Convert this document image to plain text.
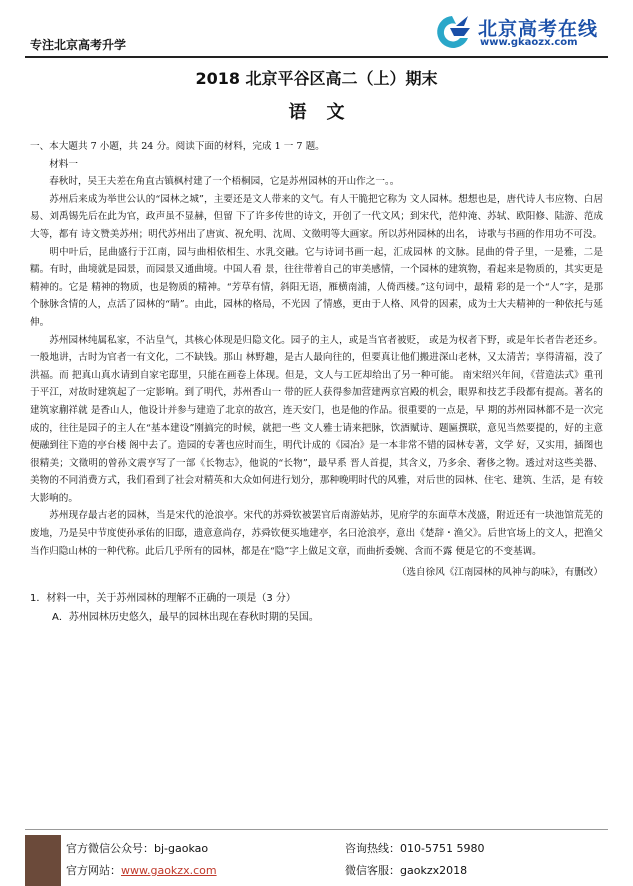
专注北京高考升学
北京高考在线
www.gkaozx.com
2018 北京平谷区高二（上）期末
语文

一、本大题共 7 小题，共 24 分。阅读下面的材料，完成 1 一 7 题。

材料一

春秋时，吴王夫差在角直古镇枫村建了一个梧桐园，它是苏州园林的开山作之一。。

苏州后来成为举世公认的“园林之城”，主要还是文人带来的文气。有人干脆把它称为 文人园林。想想也是，唐代诗人韦应物、白居易、刘禹锡先后在此为官，政声虽不显赫，但留 下了许多传世的诗文，开创了一代文风；到宋代，范仲淹、苏轼、欧阳修、陆游、范成大等，都有 诗文赞美苏州；明代苏州出了唐寅、祝允明、沈周、文徵明等大画家。所以苏州园林的出名， 诗歌与书画的作用功不可没。

明中叶后，昆曲盛行于江南，园与曲相依相生、水乳交融。它与诗词书画一起，汇成园林 的文脉。昆曲的骨子里，一是雅，二是糯。有时，曲境就是园景，而园景又通曲境。中国人看 景，往往带着自己的审美感情，一个园林的建筑物，看起来是物质的，其实更是精神的。它是 精神的物质，也是物质的精神。“芳草有情，斜阳无语，雁横南浦，人倚西楼。”这句词中，最精 彩的是一个“人”字，是那个脉脉含情的人，点活了园林的“睛”。由此，园林的格局，不光因 了情感，更由于人格、风骨的因素，成为士大夫精神的一种依托与延伸。

苏州园林纯属私家，不沾皇气，其核心体现是归隐文化。园子的主人，或是当官者被贬， 或是为权者下野，或是年长者告老还乡。一般地讲，古时为官者一有文化，二不缺钱。那山 林野趣，是古人最向往的，但要真让他们搬进深山老林，又太清苦；享得清福，没了洪福。而 把真山真水请到自家宅邸里，只能在画卷上体现。但是，文人与工匠却给出了另一种可能。 南宋绍兴年间，《营造法式》重刊于平江，对故时建筑起了一定影响。到了明代，苏州香山一 带的匠人获得参加营建两京宫殿的机会，眼界和技艺手段都有提高。著名的建筑家蒯祥就 是香山人，他设计并参与建造了北京的故宫，连天安门，也是他的作品。很重要的一点是，早 期的苏州园林都不是一次完成的，往往是园子的主人在“基本建设”刚搞完的时候，就把一些 文人雅士请来把脉，饮酒赋诗、题匾撰联，意见当然要提的，好的主意便融到往下造的亭台楼 阁中去了。造园的专著也应时而生，明代计成的《园冶》是一本非常不错的园林专著，文学 好，又实用，插图也很精美；文徵明的曾孙文震亨写了一部《长物志》，他说的“长物”，最早系 晋人首提，其含义，乃多余、奢侈之物。透过对这些美器、美物的不同消费方式，我们看到了社会对精英和大众如何进行划分，那种晚明时代的风雅，对后世的园林、住宅、建筑、生活，是 有较大影响的。

苏州现存最古老的园林，当是宋代的沧浪亭。宋代的苏舜钦被罢官后南游姑苏，见府学的东面草木茂盛，附近还有一块池馆荒芜的废地，乃是吴中节度使孙承佑的旧邸，遗意意尚存，苏舜钦便买地建亭，名曰沧浪亭，意出《楚辞・渔父》。后世官场上的文人，把渔父当作归隐山林的一种代称。此后几乎所有的园林，都是在“隐”字上做足文章，而曲折委婉、含而不露 便是它的不变基调。

（选自徐风《江南园林的风神与韵味》，有删改）

1．材料一中，关于苏州园林的理解不正确的一项是（3 分）

A．苏州园林历史悠久，最早的园林出现在春秋时期的吴国。

官方微信公众号：bj-gaokao
官方网站：www.gaokzx.com
咨询热线：010-5751 5980
微信客服：gaokzx2018
